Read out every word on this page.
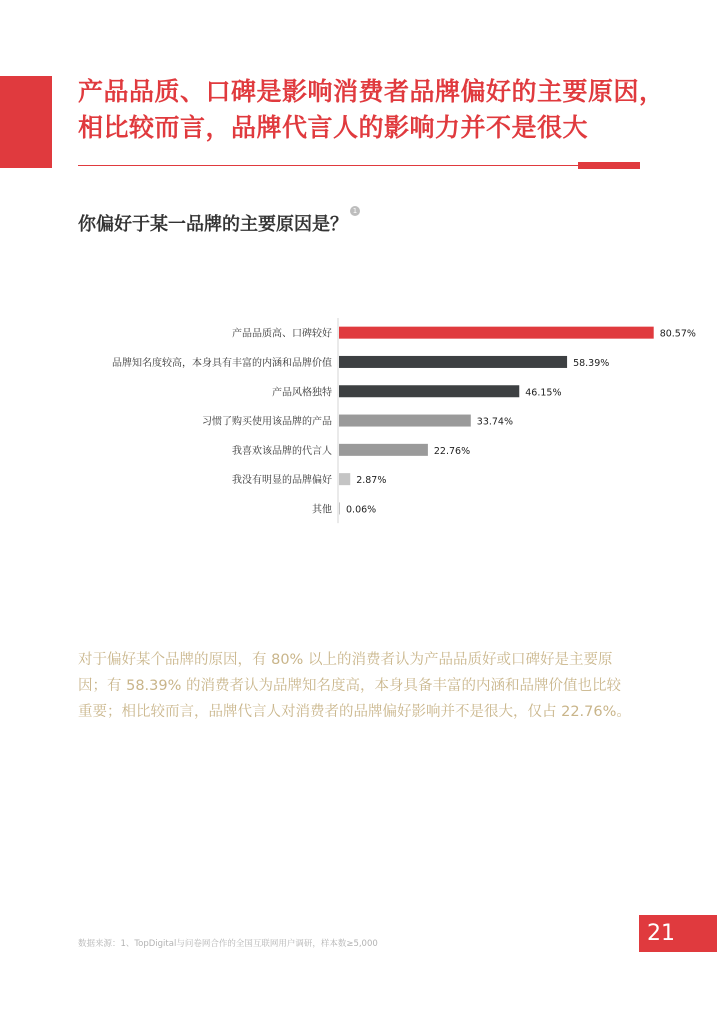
产品品质、口碑是影响消费者品牌偏好的主要原因，
相比较而言，品牌代言人的影响力并不是很大
你偏好于某一品牌的主要原因是？
1
产品品质高、口碑较好	80.57%
品牌知名度较高，本身具有丰富的内涵和品牌价值	58.39%
产品风格独特	46.15%
习惯了购买使用该品牌的产品	33.74%
我喜欢该品牌的代言人	22.76%
我没有明显的品牌偏好	2.87%
其他 0.06%

对于偏好某个品牌的原因，有 80% 以上的消费者认为产品品质好或口碑好是主要原
因；有 58.39% 的消费者认为品牌知名度高，本身具备丰富的内涵和品牌价值也比较
重要；相比较而言，品牌代言人对消费者的品牌偏好影响并不是很大，仅占 22.76%。

数据来源：1、TopDigital与问卷网合作的全国互联网用户调研，样本数≥5,000	21
